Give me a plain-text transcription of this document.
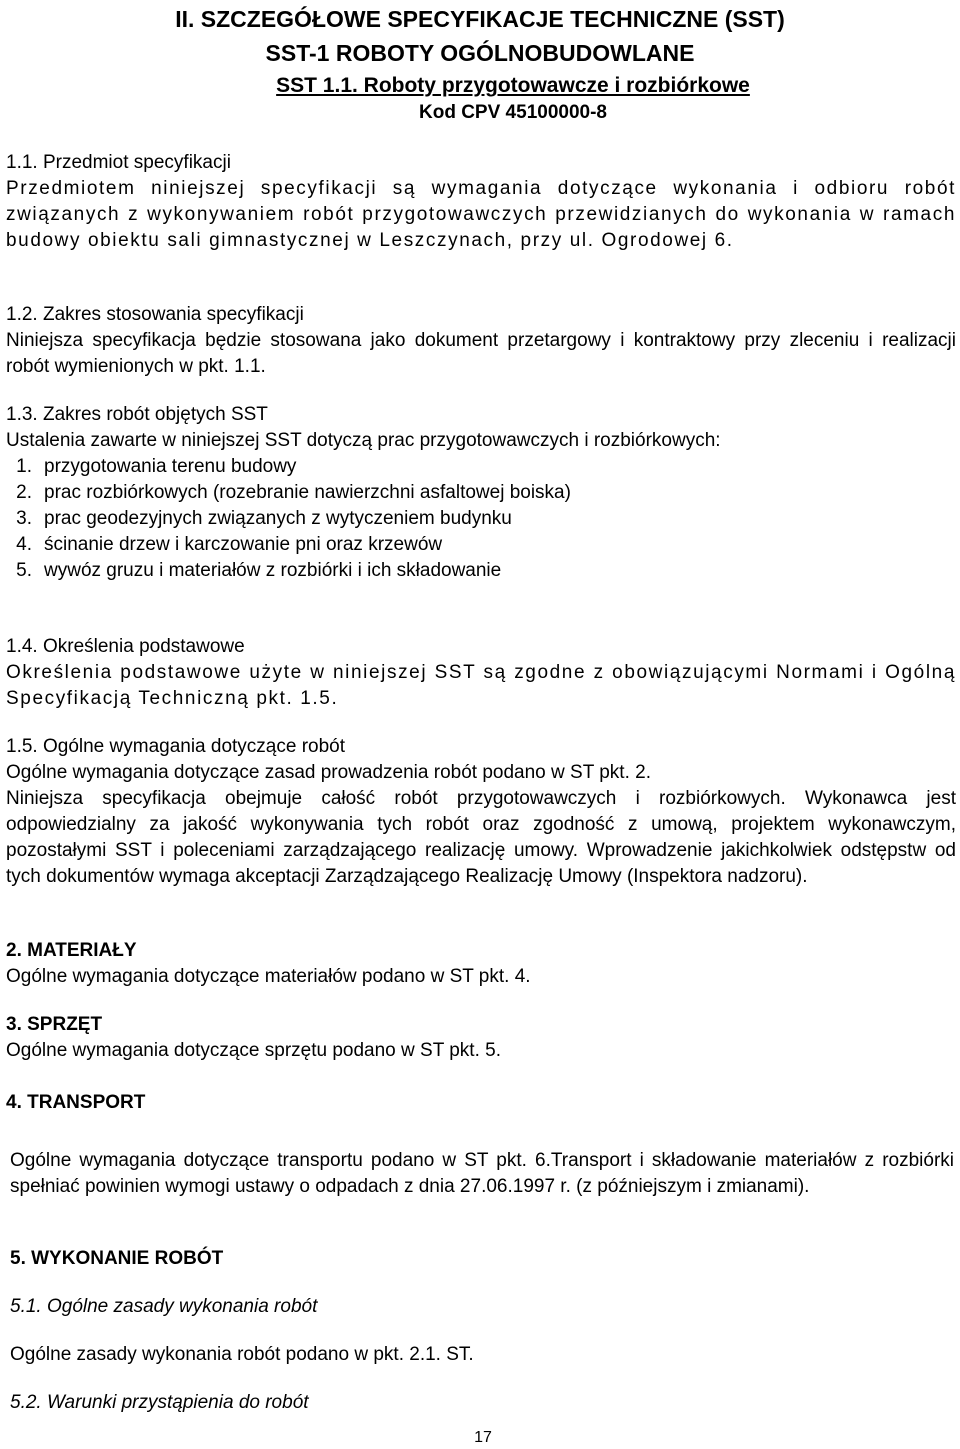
II. SZCZEGÓŁOWE SPECYFIKACJE TECHNICZNE (SST)
SST-1 ROBOTY OGÓLNOBUDOWLANE
SST 1.1. Roboty przygotowawcze i rozbiórkowe
Kod CPV 45100000-8
1.1. Przedmiot specyfikacji

Przedmiotem niniejszej specyfikacji są wymagania dotyczące wykonania i odbioru robót związanych z wykonywaniem robót przygotowawczych przewidzianych do wykonania w ramach budowy obiektu sali gimnastycznej w Leszczynach, przy ul. Ogrodowej 6.

1.2. Zakres stosowania specyfikacji

Niniejsza specyfikacja będzie stosowana jako dokument przetargowy i kontraktowy przy zleceniu i realizacji robót wymienionych w pkt. 1.1.

1.3. Zakres robót objętych SST
Ustalenia zawarte w niniejszej SST dotyczą prac przygotowawczych i rozbiórkowych:
1. przygotowania terenu budowy
2. prac rozbiórkowych (rozebranie nawierzchni asfaltowej boiska)
3. prac geodezyjnych związanych z wytyczeniem budynku
4. ścinanie drzew i karczowanie pni oraz krzewów
5. wywóz gruzu i materiałów z rozbiórki i ich składowanie
1.4. Określenia podstawowe

Określenia podstawowe użyte w niniejszej SST są zgodne z obowiązującymi Normami i Ogólną Specyfikacją Techniczną pkt. 1.5.

1.5. Ogólne wymagania dotyczące robót
Ogólne wymagania dotyczące zasad prowadzenia robót podano w ST pkt. 2.

Niniejsza specyfikacja obejmuje całość robót przygotowawczych i rozbiórkowych. Wykonawca jest odpowiedzialny za jakość wykonywania tych robót oraz zgodność z umową, projektem wykonawczym, pozostałymi SST i poleceniami zarządzającego realizację umowy. Wprowadzenie jakichkolwiek odstępstw od tych dokumentów wymaga akceptacji Zarządzającego Realizację Umowy (Inspektora nadzoru).

2. MATERIAŁY
Ogólne wymagania dotyczące materiałów podano w ST pkt. 4.
3. SPRZĘT
Ogólne wymagania dotyczące sprzętu podano w ST pkt. 5.
4. TRANSPORT

Ogólne wymagania dotyczące transportu podano w ST pkt. 6.Transport i składowanie materiałów z rozbiórki spełniać powinien wymogi ustawy o odpadach z dnia 27.06.1997 r. (z późniejszym i zmianami).

5. WYKONANIE ROBÓT
5.1. Ogólne zasady wykonania robót
Ogólne zasady wykonania robót podano w pkt. 2.1. ST.
5.2. Warunki przystąpienia do robót
17
